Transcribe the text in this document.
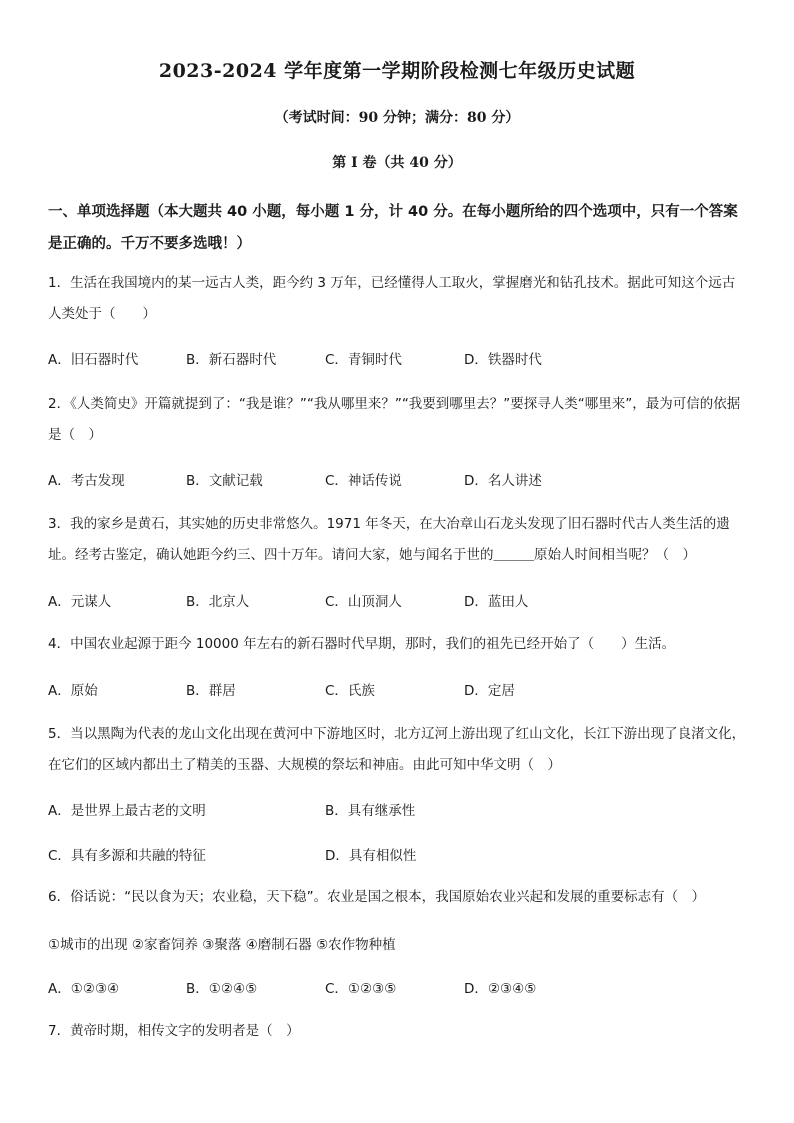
2023-2024 学年度第一学期阶段检测七年级历史试题
（考试时间：90 分钟；满分：80 分）
第 I 卷（共 40 分）
一、单项选择题（本大题共 40 小题，每小题 1 分，计 40 分。在每小题所给的四个选项中，只有一个答案是正确的。千万不要多选哦！）
1．生活在我国境内的某一远古人类，距今约 3 万年，已经懂得人工取火，掌握磨光和钻孔技术。据此可知这个远古人类处于（　　）
A．旧石器时代	B．新石器时代	C．青铜时代	D．铁器时代
2．《人类简史》开篇就提到了：“我是谁？”“我从哪里来？”“我要到哪里去？”要探寻人类“哪里来”，最为可信的依据是（　）
A．考古发现	B．文献记载	C．神话传说	D．名人讲述
3．我的家乡是黄石，其实她的历史非常悠久。1971 年冬天，在大冶章山石龙头发现了旧石器时代古人类生活的遗址。经考古鉴定，确认她距今约三、四十万年。请问大家，她与闻名于世的＿＿＿原始人时间相当呢？（　）
A．元谋人	B．北京人	C．山顶洞人	D．蓝田人
4．中国农业起源于距今 10000 年左右的新石器时代早期，那时，我们的祖先已经开始了（　　）生活。
A．原始	B．群居	C．氏族	D．定居
5．当以黑陶为代表的龙山文化出现在黄河中下游地区时，北方辽河上游出现了红山文化，长江下游出现了良渚文化，在它们的区域内都出土了精美的玉器、大规模的祭坛和神庙。由此可知中华文明（　）
A．是世界上最古老的文明	B．具有继承性
C．具有多源和共融的特征	D．具有相似性
6．俗话说：“民以食为天；农业稳，天下稳”。农业是国之根本，我国原始农业兴起和发展的重要标志有（　）
①城市的出现 ②家畜饲养 ③聚落 ④磨制石器 ⑤农作物种植
A．①②③④	B．①②④⑤	C．①②③⑤	D．②③④⑤
7．黄帝时期，相传文字的发明者是（　）
